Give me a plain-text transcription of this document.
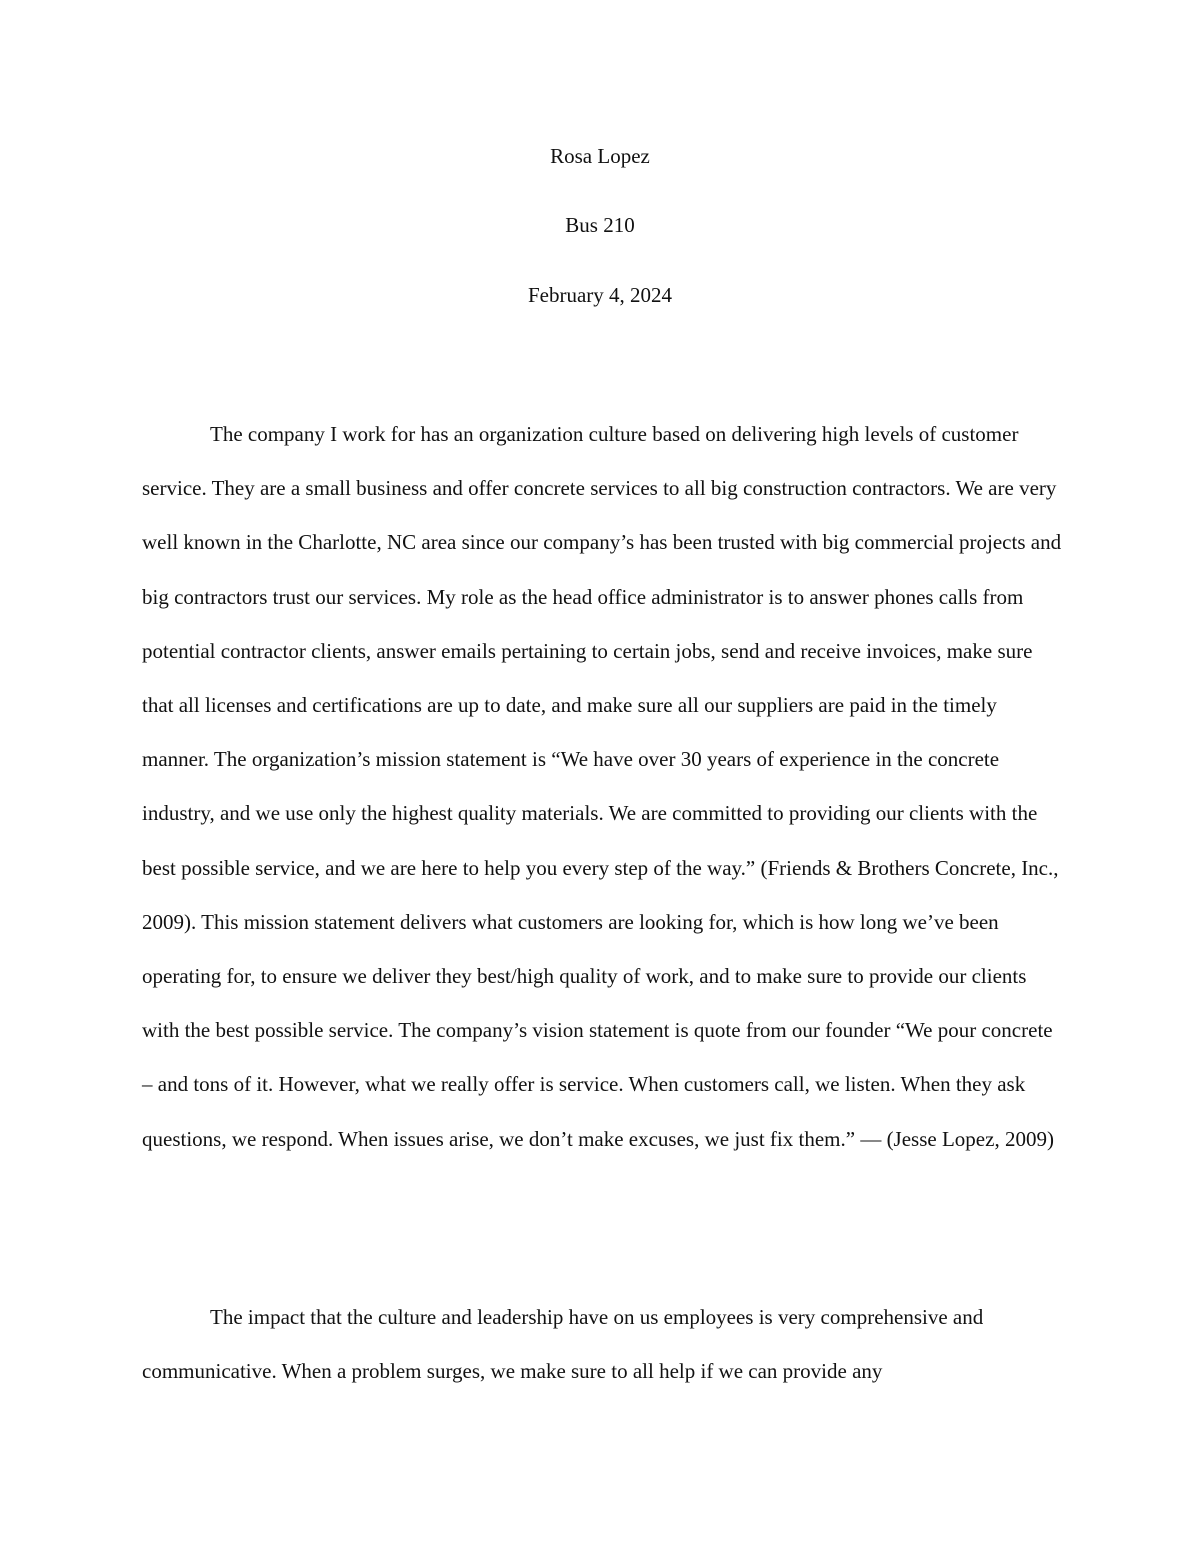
Rosa Lopez

Bus 210

February 4, 2024

The company I work for has an organization culture based on delivering high levels of customer service. They are a small business and offer concrete services to all big construction contractors. We are very well known in the Charlotte, NC area since our company’s has been trusted with big commercial projects and big contractors trust our services. My role as the head office administrator is to answer phones calls from potential contractor clients, answer emails pertaining to certain jobs, send and receive invoices, make sure that all licenses and certifications are up to date, and make sure all our suppliers are paid in the timely manner. The organization’s mission statement is “We have over 30 years of experience in the concrete industry, and we use only the highest quality materials. We are committed to providing our clients with the best possible service, and we are here to help you every step of the way.” (Friends & Brothers Concrete, Inc., 2009). This mission statement delivers what customers are looking for, which is how long we’ve been operating for, to ensure we deliver they best/high quality of work, and to make sure to provide our clients with the best possible service. The company’s vision statement is quote from our founder “We pour concrete – and tons of it. However, what we really offer is service. When customers call, we listen. When they ask questions, we respond. When issues arise, we don’t make excuses, we just fix them.” ― (Jesse Lopez, 2009)

The impact that the culture and leadership have on us employees is very comprehensive and communicative. When a problem surges, we make sure to all help if we can provide any
